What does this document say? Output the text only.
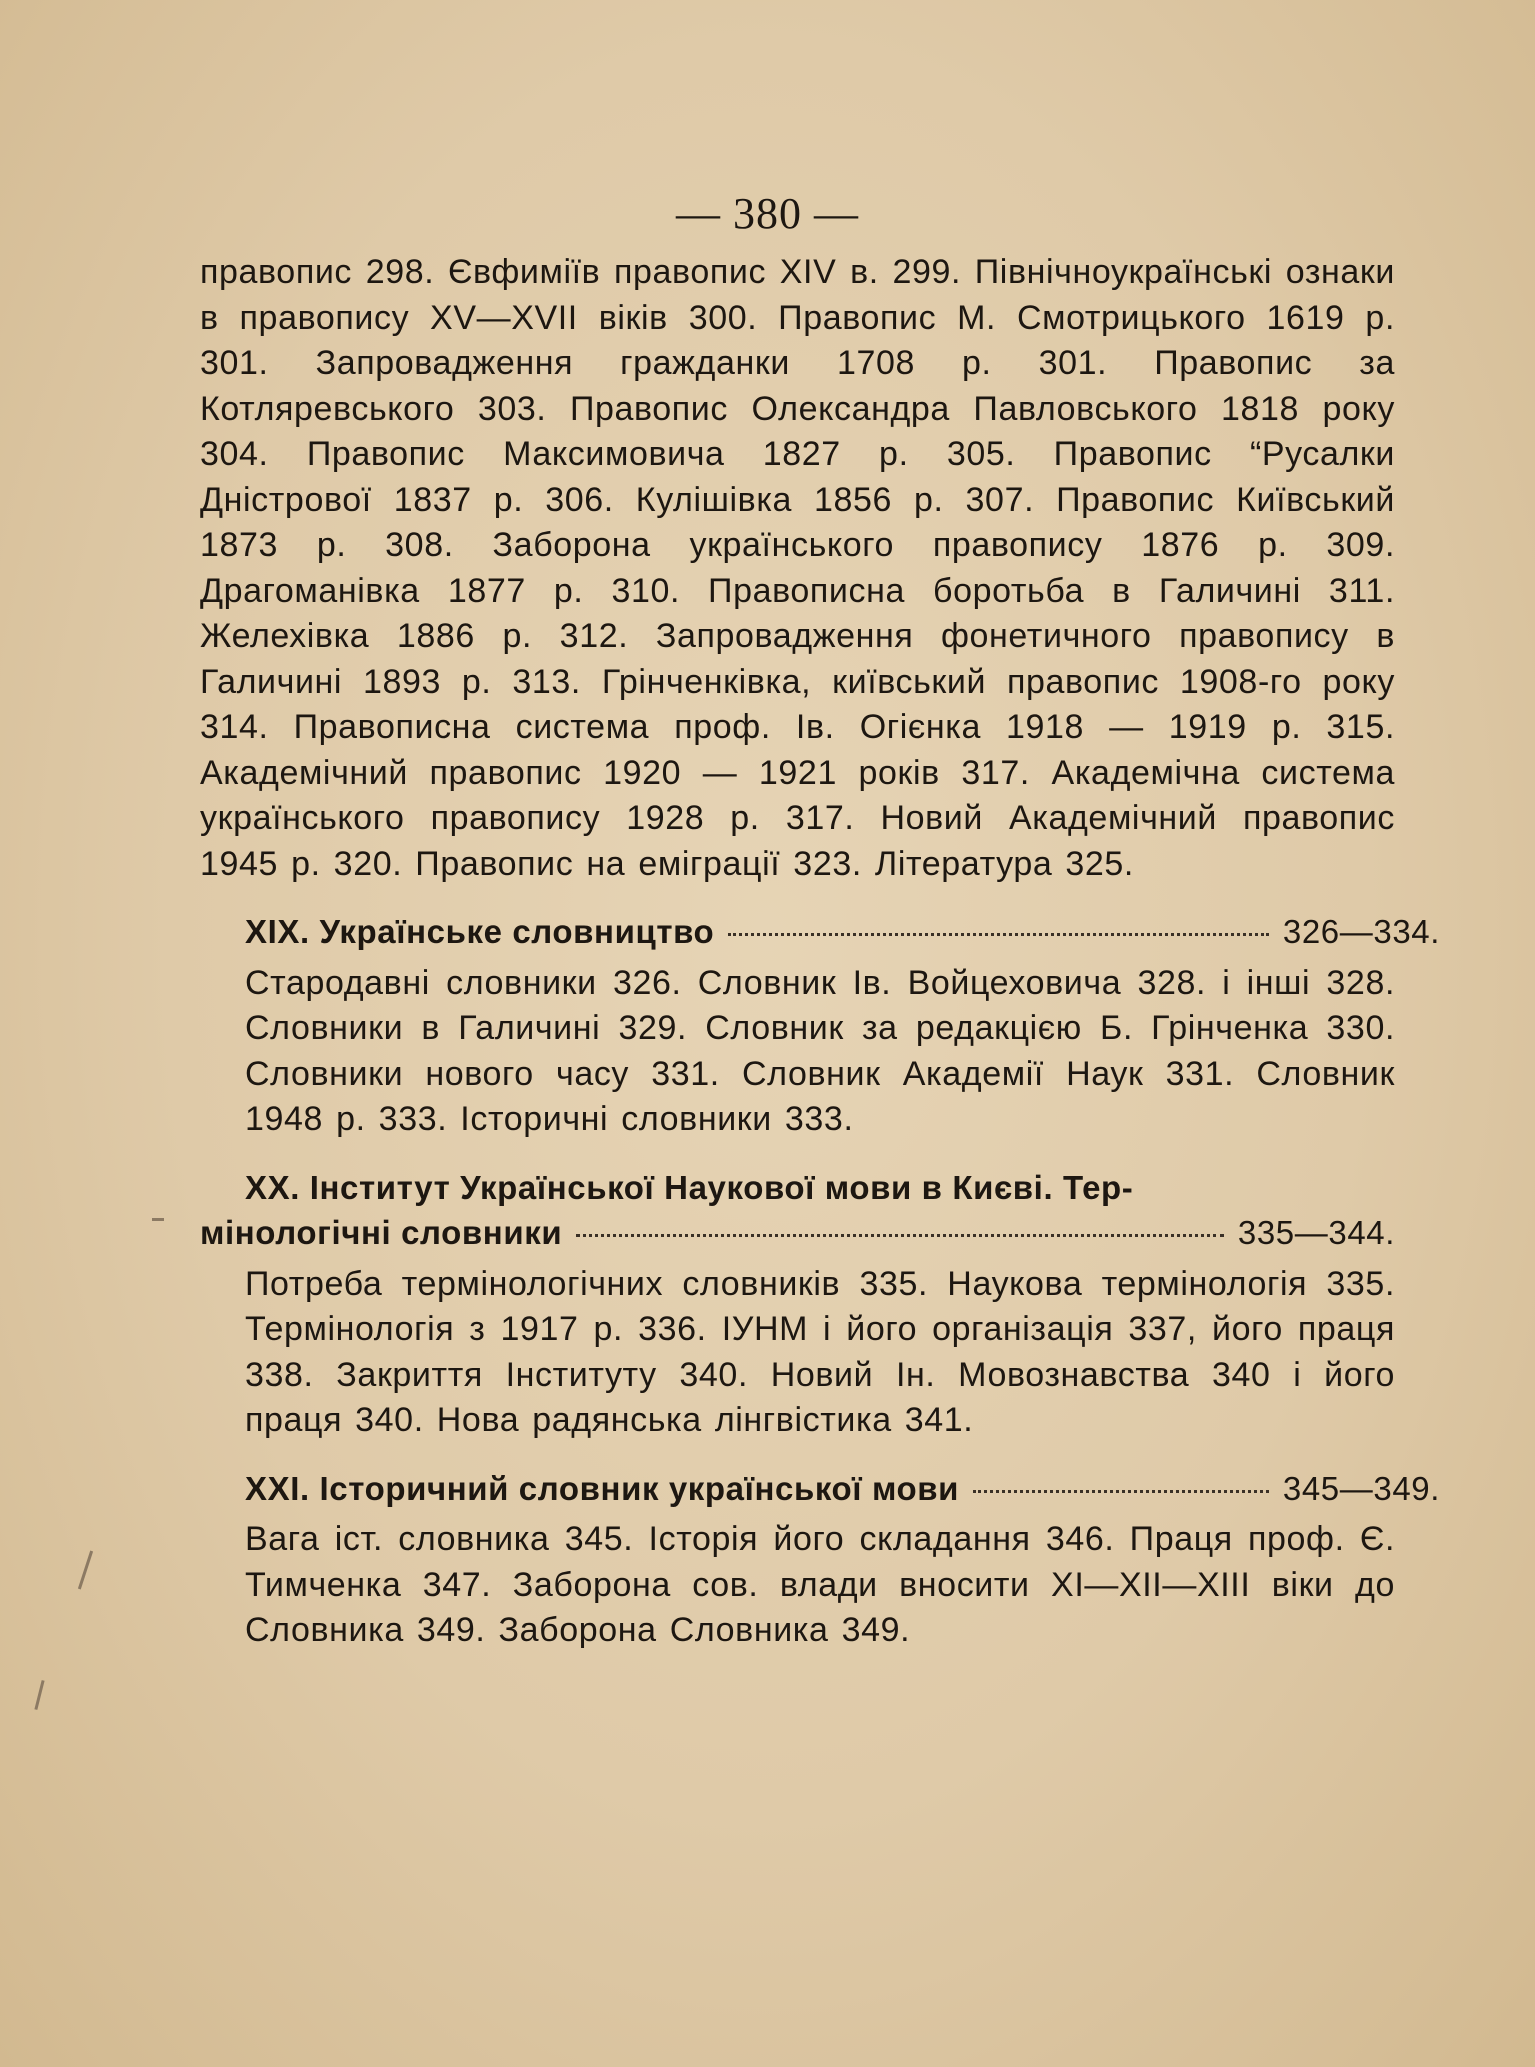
— 380 —

правопис 298. Євфиміїв правопис XIV в. 299. Північноукраїнські ознаки в правопису XV—XVII віків 300. Правопис М. Смотрицького 1619 р. 301. Запровадження гражданки 1708 р. 301. Правопис за Котляревського 303. Правопис Олександра Павловського 1818 року 304. Правопис Максимовича 1827 р. 305. Правопис “Русалки Дністрової 1837 р. 306. Кулішівка 1856 р. 307. Правопис Київський 1873 р. 308. Заборона українського правопису 1876 р. 309. Драгоманівка 1877 р. 310. Правописна боротьба в Галичині 311. Желехівка 1886 р. 312. Запровадження фонетичного правопису в Галичині 1893 р. 313. Грінченківка, київський правопис 1908-го року 314. Правописна система проф. Ів. Огієнка 1918 — 1919 р. 315. Академічний правопис 1920 — 1921 років 317. Академічна система українського правопису 1928 р. 317. Новий Академічний правопис 1945 р. 320. Правопис на еміграції 323. Література 325.

XIX. Українське словництво	326—334.

Стародавні словники 326. Словник Ів. Войцеховича 328. і інші 328. Словники в Галичині 329. Словник за редакцією Б. Грінченка 330. Словники нового часу 331. Словник Академії Наук 331. Словник 1948 р. 333. Історичні словники 333.

XX. Інститут Української Наукової мови в Києві. Тер-
мінологічні словники	335—344.

Потреба термінологічних словників 335. Наукова термінологія 335. Термінологія з 1917 р. 336. ІУНМ і його організація 337, його праця 338. Закриття Інституту 340. Новий Ін. Мовознавства 340 і його праця 340. Нова радянська лінгвістика 341.

XXI. Історичний словник української мови	345—349.

Вага іст. словника 345. Історія його складання 346. Праця проф. Є. Тимченка 347. Заборона сов. влади вносити XI—XII—XIII віки до Словника 349. Заборона Словника 349.
